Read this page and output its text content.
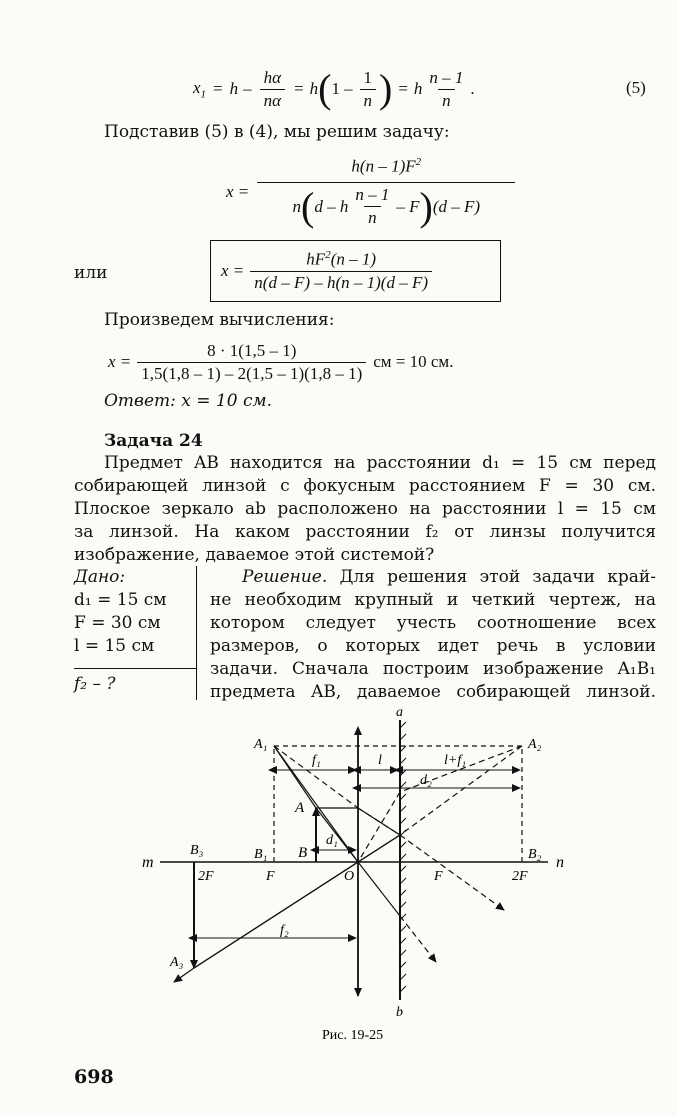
$x_1 = h - \frac{h\alpha}{n\alpha} = h$ ( $1 - \frac{1}{n}$ ) = h $\frac{n - 1}{n}$ .	(5)
Подставив (5) в (4), мы решим задачу:
x =
$h(n - 1)F^2$
n ( d – h $\frac{n - 1}{n}$ – F ) (d – F)
или	$x = \frac{hF^2(n - 1)}{n(d - F) - h(n - 1)(d - F)}$
Произведем вычисления:
$x = \frac{8 \cdot 1(1,5 - 1)}{1,5(1,8 - 1) - 2(1,5 - 1)(1,8 - 1)}$ см = 10 см.
Ответ: x = 10 см.
Задача 24
Предмет AB находится на расстоянии d₁ = 15 см перед
собирающей линзой с фокусным расстоянием F = 30 см.
Плоское зеркало ab расположено на расстоянии l = 15 см
за линзой. На каком расстоянии f₂ от линзы получится
изображение, даваемое этой системой?
Дано:
d₁ = 15 см
F = 30 см
l = 15 см
f₂ – ?
Решение. Для решения этой задачи край-
не необходим крупный и четкий чертеж, на
котором следует учесть соотношение всех
размеров, о которых идет речь в условии
задачи. Сначала построим изображение A₁B₁
предмета AB, даваемое собирающей линзой.
m	n
a
b
A
B
A₁	A₂
B₁	B₂
B₃
A₃
2F	F	O	F	2F
f₁	l	l+f₁
d₂
d₁
f₂
Рис. 19-25
698
